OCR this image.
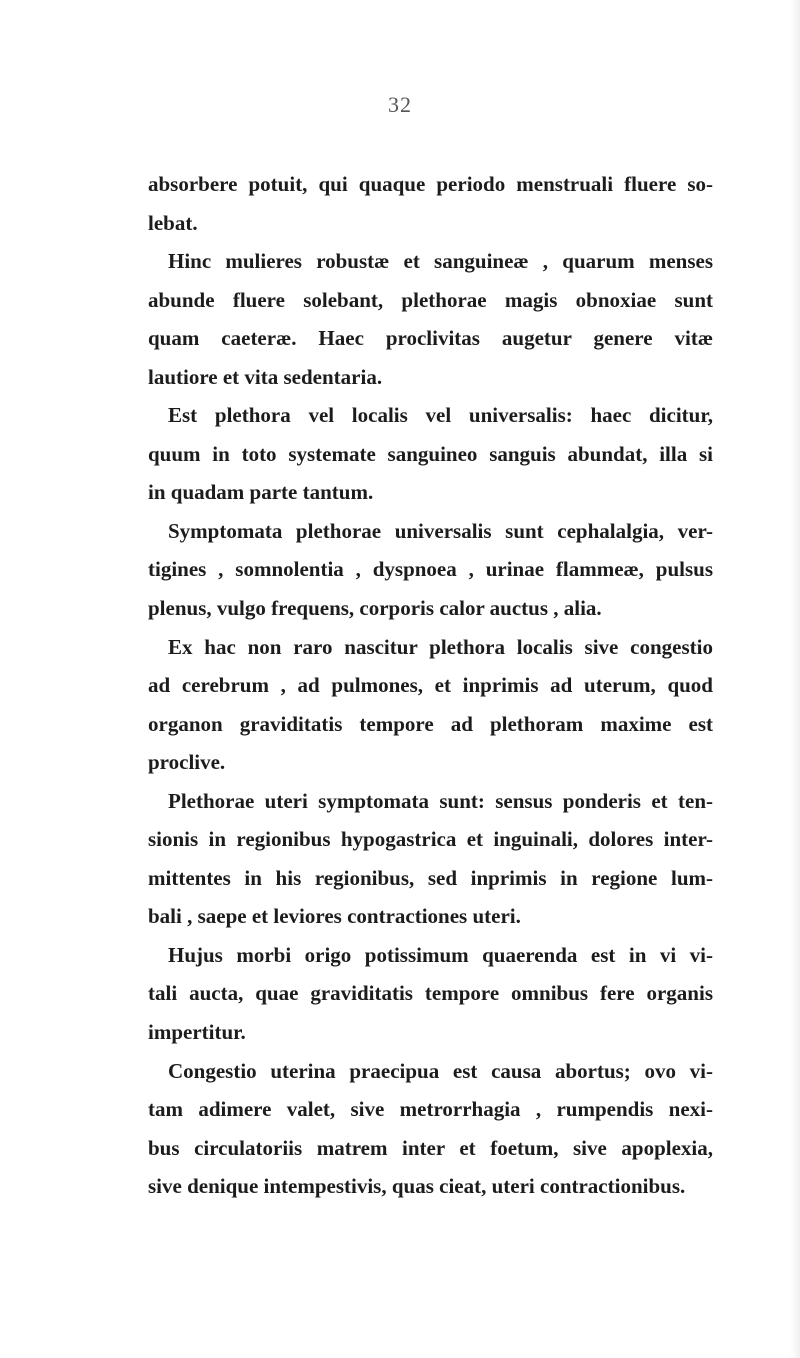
32
absorbere potuit, qui quaque periodo menstruali fluere so-
lebat.
Hinc mulieres robustæ et sanguineæ , quarum menses
abunde fluere solebant, plethorae magis obnoxiae sunt
quam caeteræ. Haec proclivitas augetur genere vitæ
lautiore et vita sedentaria.
Est plethora vel localis vel universalis: haec dicitur,
quum in toto systemate sanguineo sanguis abundat, illa si
in quadam parte tantum.
Symptomata plethorae universalis sunt cephalalgia, ver-
tigines , somnolentia , dyspnoea , urinae flammeæ, pulsus
plenus, vulgo frequens, corporis calor auctus , alia.
Ex hac non raro nascitur plethora localis sive congestio
ad cerebrum , ad pulmones, et inprimis ad uterum, quod
organon graviditatis tempore ad plethoram maxime est
proclive.
Plethorae uteri symptomata sunt: sensus ponderis et ten-
sionis in regionibus hypogastrica et inguinali, dolores inter-
mittentes in his regionibus, sed inprimis in regione lum-
bali , saepe et leviores contractiones uteri.
Hujus morbi origo potissimum quaerenda est in vi vi-
tali aucta, quae graviditatis tempore omnibus fere organis
impertitur.
Congestio uterina praecipua est causa abortus; ovo vi-
tam adimere valet, sive metrorrhagia , rumpendis nexi-
bus circulatoriis matrem inter et foetum, sive apoplexia,
sive denique intempestivis, quas cieat, uteri contractionibus.
